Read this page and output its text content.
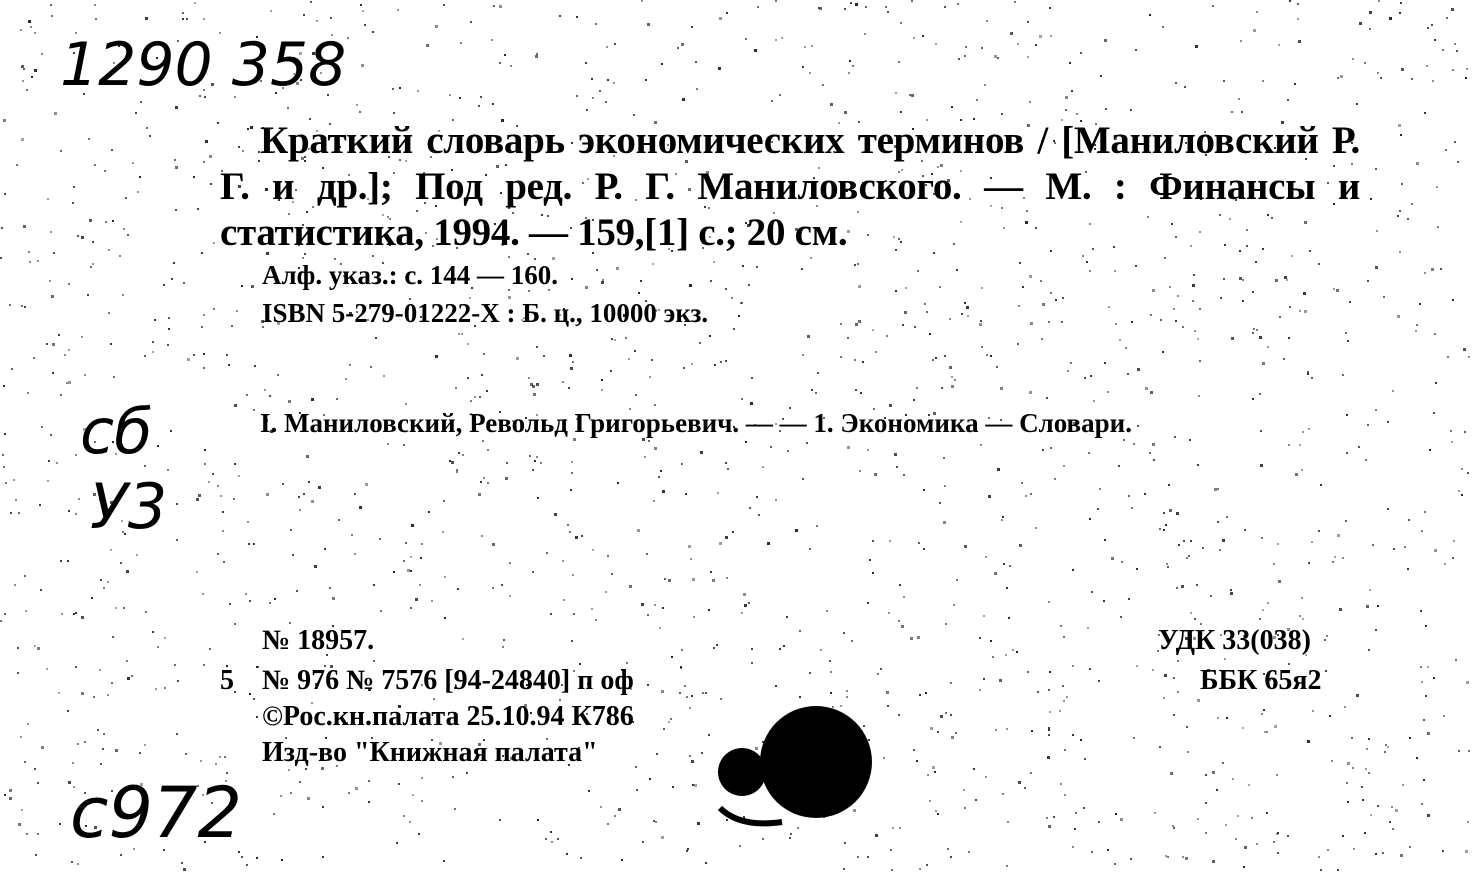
1290 358
Краткий словарь экономических терминов / [Маниловский Р. Г. и др.]; Под ред. Р. Г. Маниловского. — М. : Финансы и статистика, 1994. — 159,[1] с.; 20 см.
Алф. указ.: с. 144 — 160.
ISBN 5-279-01222-X : Б. ц., 10000 экз.
сб
У3
I. Маниловский, Револьд Григорьевич. — — 1. Экономика — Словари.
№ 18957.
5 № 976 № 7576 [94-24840] п оф
©Рос.кн.палата 25.10.94 К786
Изд-во "Книжная палата"
УДК 33(038)
ББК 65я2
с972
